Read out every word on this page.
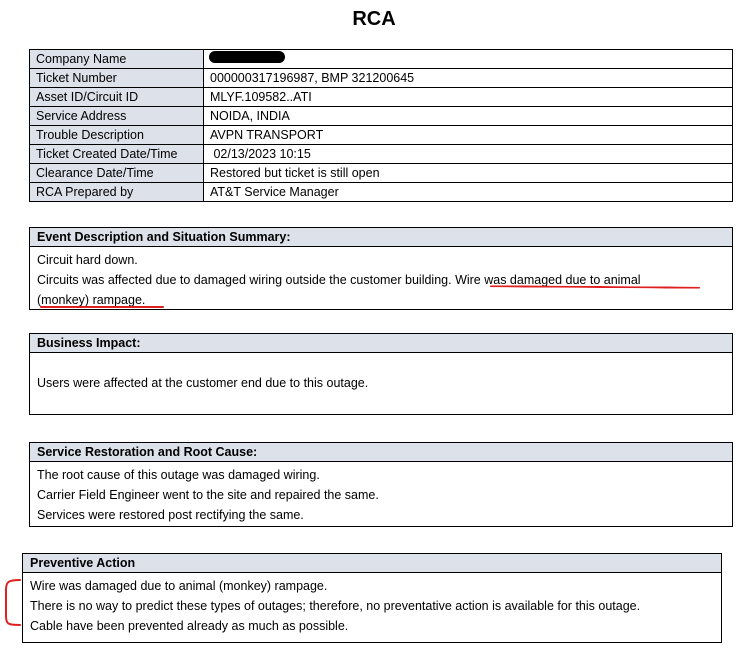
RCA
Company Name	
Ticket Number	000000317196987, BMP 321200645
Asset ID/Circuit ID	MLYF.109582..ATI
Service Address	NOIDA, INDIA
Trouble Description	AVPN TRANSPORT
Ticket Created Date/Time	02/13/2023 10:15
Clearance Date/Time	Restored but ticket is still open
RCA Prepared by	AT&T Service Manager
Event Description and Situation Summary:
Circuit hard down.
Circuits was affected due to damaged wiring outside the customer building. Wire was damaged due to animal
(monkey) rampage.
Business Impact:
Users were affected at the customer end due to this outage.
Service Restoration and Root Cause:
The root cause of this outage was damaged wiring.
Carrier Field Engineer went to the site and repaired the same.
Services were restored post rectifying the same.
Preventive Action
Wire was damaged due to animal (monkey) rampage.
There is no way to predict these types of outages; therefore, no preventative action is available for this outage.
Cable have been prevented already as much as possible.
